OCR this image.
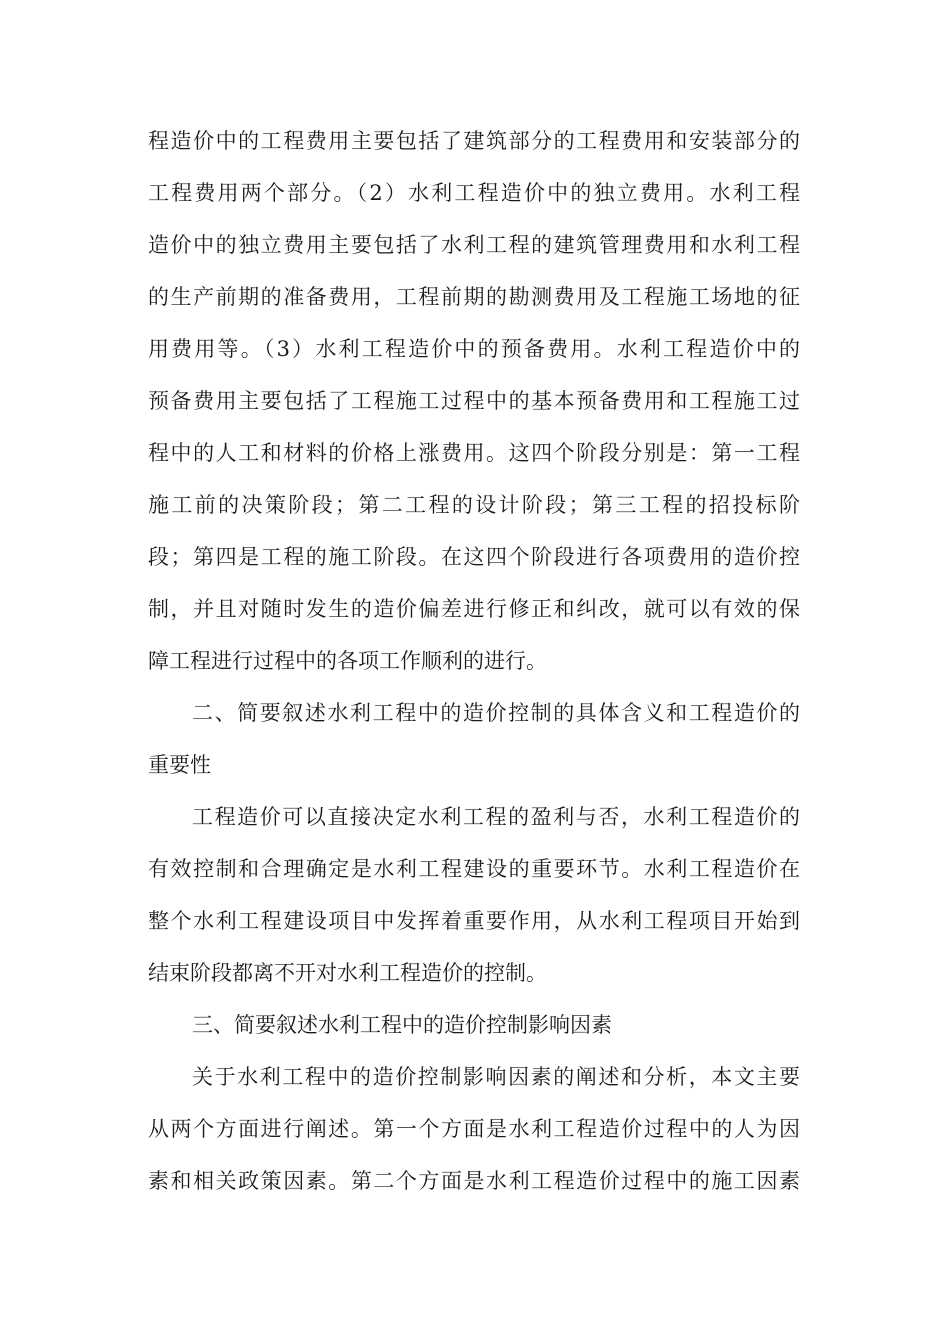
程造价中的工程费用主要包括了建筑部分的工程费用和安装部分的
工程费用两个部分。（2）水利工程造价中的独立费用。水利工程
造价中的独立费用主要包括了水利工程的建筑管理费用和水利工程
的生产前期的准备费用，工程前期的勘测费用及工程施工场地的征
用费用等。（3）水利工程造价中的预备费用。水利工程造价中的
预备费用主要包括了工程施工过程中的基本预备费用和工程施工过
程中的人工和材料的价格上涨费用。这四个阶段分别是：第一工程
施工前的决策阶段；第二工程的设计阶段；第三工程的招投标阶
段；第四是工程的施工阶段。在这四个阶段进行各项费用的造价控
制，并且对随时发生的造价偏差进行修正和纠改，就可以有效的保
障工程进行过程中的各项工作顺利的进行。
二、简要叙述水利工程中的造价控制的具体含义和工程造价的
重要性
工程造价可以直接决定水利工程的盈利与否，水利工程造价的
有效控制和合理确定是水利工程建设的重要环节。水利工程造价在
整个水利工程建设项目中发挥着重要作用，从水利工程项目开始到
结束阶段都离不开对水利工程造价的控制。
三、简要叙述水利工程中的造价控制影响因素
关于水利工程中的造价控制影响因素的阐述和分析，本文主要
从两个方面进行阐述。第一个方面是水利工程造价过程中的人为因
素和相关政策因素。第二个方面是水利工程造价过程中的施工因素
